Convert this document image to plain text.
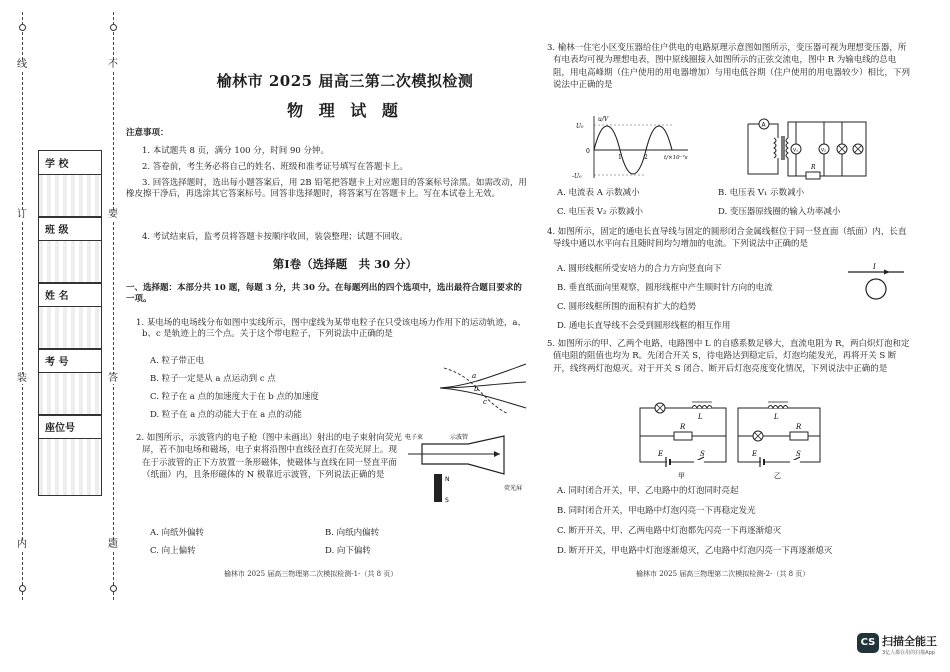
线
订
装
内
不
要
答
题
学 校
班 级
姓 名
考 号
座位号
榆林市 2025 届高三第二次模拟检测
物 理 试 题
注意事项：
1. 本试题共 8 页，满分 100 分，时间 90 分钟。
2. 答卷前，考生务必将自己的姓名、班级和准考证号填写在答题卡上。
3. 回答选择题时，选出每小题答案后，用 2B 铅笔把答题卡上对应题目的答案标号涂黑。如需改动，用橡皮擦干净后，再选涂其它答案标号。回答非选择题时，将答案写在答题卡上。写在本试卷上无效。
4. 考试结束后，监考员将答题卡按顺序收回，装袋整理；试题不回收。
第Ⅰ卷（选择题　共 30 分）
一、选择题：本部分共 10 题，每题 3 分，共 30 分。在每题列出的四个选项中，选出最符合题目要求的一项。
1. 某电场的电场线分布如图中实线所示，图中虚线为某带电粒子在只受该电场力作用下的运动轨迹，a、b、c 是轨迹上的三个点。关于这个带电粒子，下列说法中正确的是
A. 粒子带正电
B. 粒子一定是从 a 点运动到 c 点
C. 粒子在 a 点的加速度大于在 b 点的加速度
D. 粒子在 a 点的动能大于在 a 点的动能
a
b
c
2. 如图所示，示波管内的电子枪（图中未画出）射出的电子束射向荧光屏，若不加电场和磁场，电子束将沿图中直线径直打在荧光屏上。现在于示波管的正下方放置一条形磁体，使磁体与直线在同一竖直平面（纸面）内，且条形磁体的 N 极靠近示波管，下列说法正确的是
A. 向纸外偏转	B. 向纸内偏转
C. 向上偏转	D. 向下偏转
电子束	示波管
荧光屏
N
S
榆林市 2025 届高三物理第二次模拟检测-1-（共 8 页）
3. 榆林一住宅小区变压器给住户供电的电路原理示意图如图所示，变压器可视为理想变压器，所有电表均可视为理想电表，图中原线圈接入如图所示的正弦交流电，图中 R 为输电线的总电阻，用电高峰期（住户使用的用电器增加）与用电低谷期（住户使用的用电器较少）相比，下列说法中正确的是
u/V
U₀
0
-U₀
1	2	t/×10⁻²s
A
R
V₁	V₂
A. 电流表 A 示数减小	B. 电压表 V₁ 示数减小
C. 电压表 V₂ 示数减小	D. 变压器原线圈的输入功率减小
4. 如图所示，固定的通电长直导线与固定的圆形闭合金属线框位于同一竖直面（纸面）内，长直导线中通以水平向右且随时间均匀增加的电流。下列说法中正确的是
A. 圆形线框所受安培力的合力方向竖直向下
B. 垂直纸面向里观察，圆形线框中产生顺时针方向的电流
C. 圆形线框所围的面积有扩大的趋势
D. 通电长直导线不会受到圆形线框的相互作用
I
5. 如图所示的甲、乙两个电路，电路图中 L 的自感系数足够大，直流电阻为 R，两白炽灯泡和定值电阻的阻值也均为 R。先闭合开关 S，待电路达到稳定后，灯泡均能发光，再将开关 S 断开，线终两灯泡熄灭。对于开关 S 闭合、断开后灯泡亮度变化情况，下列说法中正确的是
L
R
E	S
甲
L
R
E	S
乙
A. 同时闭合开关，甲、乙电路中的灯泡同时亮起
B. 同时闭合开关，甲电路中灯泡闪亮一下再稳定发光
C. 断开开关，甲、乙两电路中灯泡都先闪亮一下再逐渐熄灭
D. 断开开关，甲电路中灯泡逐渐熄灭，乙电路中灯泡闪亮一下再逐渐熄灭
榆林市 2025 届高三物理第二次模拟检测-2-（共 8 页）
CS 扫描全能王
3亿人都在用的扫描App
